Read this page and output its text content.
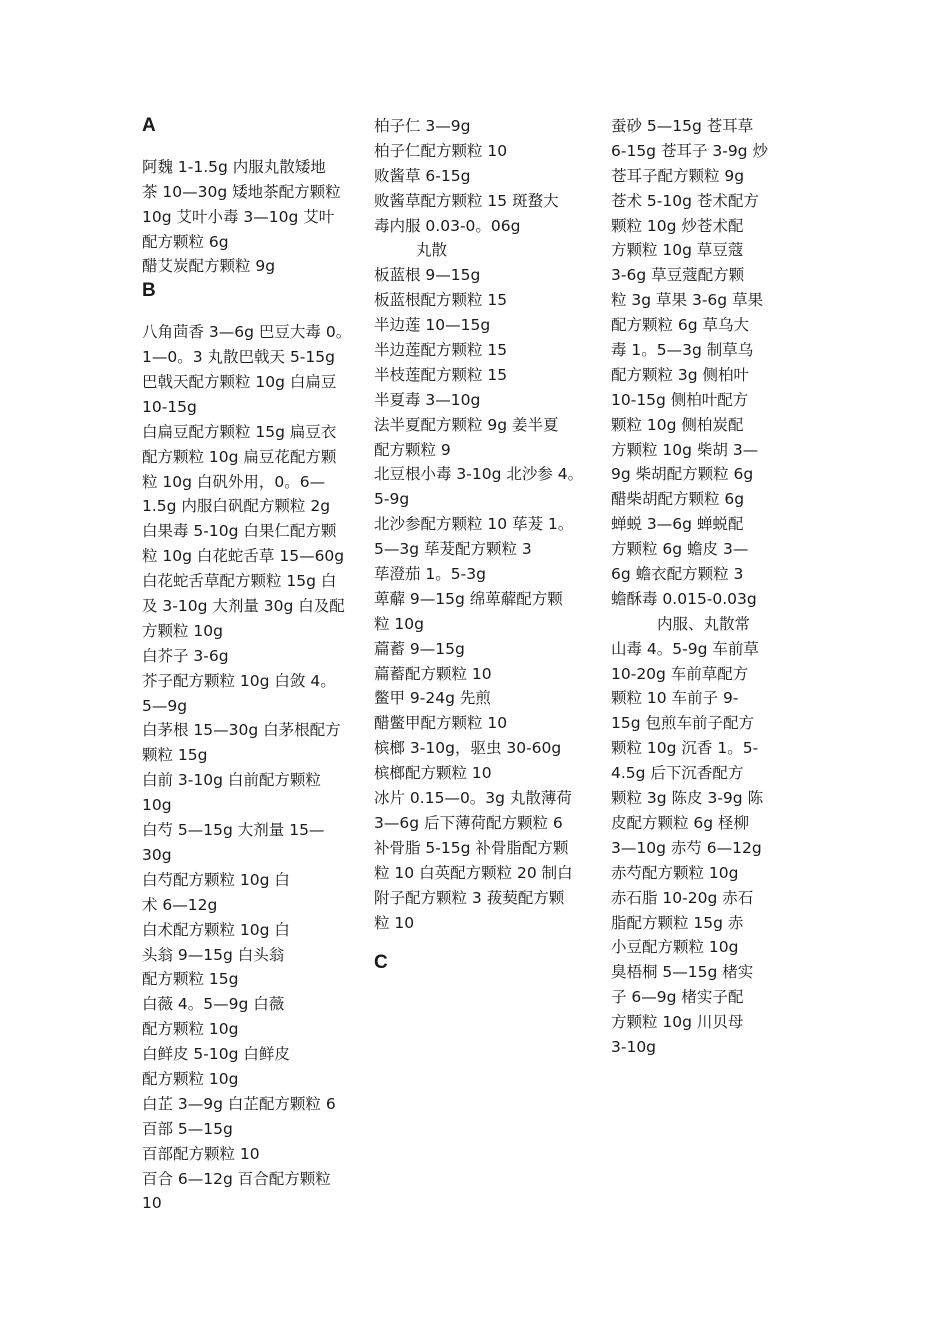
A
阿魏 1-1.5g 内服丸散矮地
茶 10—30g 矮地茶配方颗粒
10g 艾叶小毒 3—10g 艾叶
配方颗粒 6g
醋艾炭配方颗粒 9g
B
八角茴香 3—6g 巴豆大毒 0。
1—0。3 丸散巴戟天 5-15g
巴戟天配方颗粒 10g 白扁豆
10-15g
白扁豆配方颗粒 15g 扁豆衣
配方颗粒 10g 扁豆花配方颗
粒 10g 白矾外用，0。6—
1.5g 内服白矾配方颗粒 2g
白果毒 5-10g 白果仁配方颗
粒 10g 白花蛇舌草 15—60g
白花蛇舌草配方颗粒 15g 白
及 3-10g 大剂量 30g 白及配
方颗粒 10g
白芥子 3-6g
芥子配方颗粒 10g 白敛 4。
5—9g
白茅根 15—30g 白茅根配方
颗粒 15g
白前 3-10g 白前配方颗粒
10g
白芍 5—15g 大剂量 15—
30g
白芍配方颗粒 10g 白
术 6—12g
白术配方颗粒 10g 白
头翁 9—15g 白头翁
配方颗粒 15g
白薇 4。5—9g 白薇
配方颗粒 10g
白鲜皮 5-10g 白鲜皮
配方颗粒 10g
白芷 3—9g 白芷配方颗粒 6
百部 5—15g
百部配方颗粒 10
百合 6—12g 百合配方颗粒
10
柏子仁 3—9g
柏子仁配方颗粒 10
败酱草 6-15g
败酱草配方颗粒 15 斑蝥大
毒内服 0.03-0。06g
丸散
板蓝根 9—15g
板蓝根配方颗粒 15
半边莲 10—15g
半边莲配方颗粒 15
半枝莲配方颗粒 15
半夏毒 3—10g
法半夏配方颗粒 9g 姜半夏
配方颗粒 9
北豆根小毒 3-10g 北沙参 4。
5-9g
北沙参配方颗粒 10 荜茇 1。
5—3g 荜茇配方颗粒 3
荜澄茄 1。5-3g
萆薢 9—15g 绵萆薢配方颗
粒 10g
萹蓄 9—15g
萹蓄配方颗粒 10
鳖甲 9-24g 先煎
醋鳖甲配方颗粒 10
槟榔 3-10g，驱虫 30-60g
槟榔配方颗粒 10
冰片 0.15—0。3g 丸散薄荷
3—6g 后下薄荷配方颗粒 6
补骨脂 5-15g 补骨脂配方颗
粒 10 白英配方颗粒 20 制白
附子配方颗粒 3 菝葜配方颗
粒 10
C
蚕砂 5—15g 苍耳草
6-15g 苍耳子 3-9g 炒
苍耳子配方颗粒 9g
苍术 5-10g 苍术配方
颗粒 10g 炒苍术配
方颗粒 10g 草豆蔻
3-6g 草豆蔻配方颗
粒 3g 草果 3-6g 草果
配方颗粒 6g 草乌大
毒 1。5—3g 制草乌
配方颗粒 3g 侧柏叶
10-15g 侧柏叶配方
颗粒 10g 侧柏炭配
方颗粒 10g 柴胡 3—
9g 柴胡配方颗粒 6g
醋柴胡配方颗粒 6g
蝉蜕 3—6g 蝉蜕配
方颗粒 6g 蟾皮 3—
6g 蟾衣配方颗粒 3
蟾酥毒 0.015-0.03g
内服、丸散常
山毒 4。5-9g 车前草
10-20g 车前草配方
颗粒 10 车前子 9-
15g 包煎车前子配方
颗粒 10g 沉香 1。5-
4.5g 后下沉香配方
颗粒 3g 陈皮 3-9g 陈
皮配方颗粒 6g 柽柳
3—10g 赤芍 6—12g
赤芍配方颗粒 10g
赤石脂 10-20g 赤石
脂配方颗粒 15g 赤
小豆配方颗粒 10g
臭梧桐 5—15g 楮实
子 6—9g 楮实子配
方颗粒 10g 川贝母
3-10g
